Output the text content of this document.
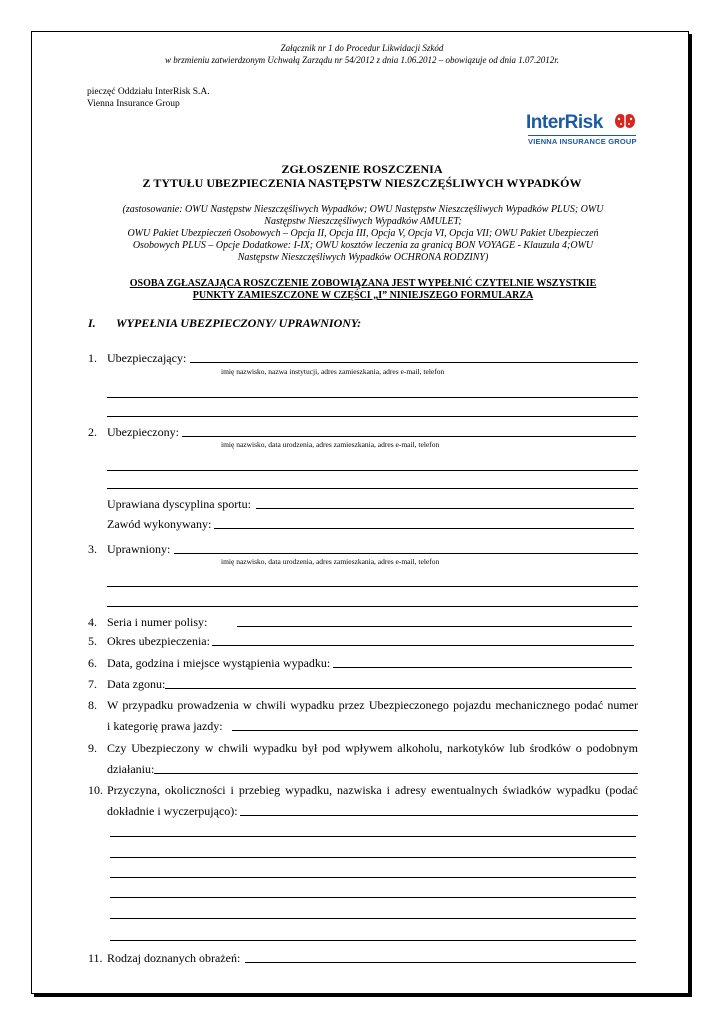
Załącznik nr 1 do Procedur Likwidacji Szkód
w brzmieniu zatwierdzonym Uchwałą Zarządu nr 54/2012 z dnia 1.06.2012 – obowiązuje od dnia 1.07.2012r.
pieczęć Oddziału InterRisk S.A.
Vienna Insurance Group
InterRisk
VIENNA INSURANCE GROUP
ZGŁOSZENIE ROSZCZENIA
Z TYTUŁU UBEZPIECZENIA NASTĘPSTW NIESZCZĘŚLIWYCH WYPADKÓW
(zastosowanie: OWU Następstw Nieszczęśliwych Wypadków; OWU Następstw Nieszczęśliwych Wypadków PLUS; OWU
Następstw Nieszczęśliwych Wypadków AMULET;
OWU Pakiet Ubezpieczeń Osobowych – Opcja II, Opcja III, Opcja V, Opcja VI, Opcja VII; OWU Pakiet Ubezpieczeń
Osobowych PLUS – Opcje Dodatkowe: I-IX; OWU kosztów leczenia za granicą BON VOYAGE - Klauzula 4;OWU
Następstw Nieszczęśliwych Wypadków OCHRONA RODZINY)
OSOBA ZGŁASZAJĄCA ROSZCZENIE ZOBOWIĄZANA JEST WYPEŁNIĆ CZYTELNIE WSZYSTKIE
PUNKTY ZAMIESZCZONE W CZĘŚCI „I” NINIEJSZEGO FORMULARZA
I. WYPEŁNIA UBEZPIECZONY/ UPRAWNIONY:
1. Ubezpieczający:
imię nazwisko, nazwa instytucji, adres zamieszkania, adres e-mail, telefon
2. Ubezpieczony:
imię nazwisko, data urodzenia, adres zamieszkania, adres e-mail, telefon
Uprawiana dyscyplina sportu:
Zawód wykonywany:
3. Uprawniony:
imię nazwisko, data urodzenia, adres zamieszkania, adres e-mail, telefon
4. Seria i numer polisy:
5. Okres ubezpieczenia:
6. Data, godzina i miejsce wystąpienia wypadku:
7. Data zgonu:
8. W przypadku prowadzenia w chwili wypadku przez Ubezpieczonego pojazdu mechanicznego podać numer
i kategorię prawa jazdy:
9. Czy Ubezpieczony w chwili wypadku był pod wpływem alkoholu, narkotyków lub środków o podobnym
działaniu:
10. Przyczyna, okoliczności i przebieg wypadku, nazwiska i adresy ewentualnych świadków wypadku (podać
dokładnie i wyczerpująco):
11. Rodzaj doznanych obrażeń:
